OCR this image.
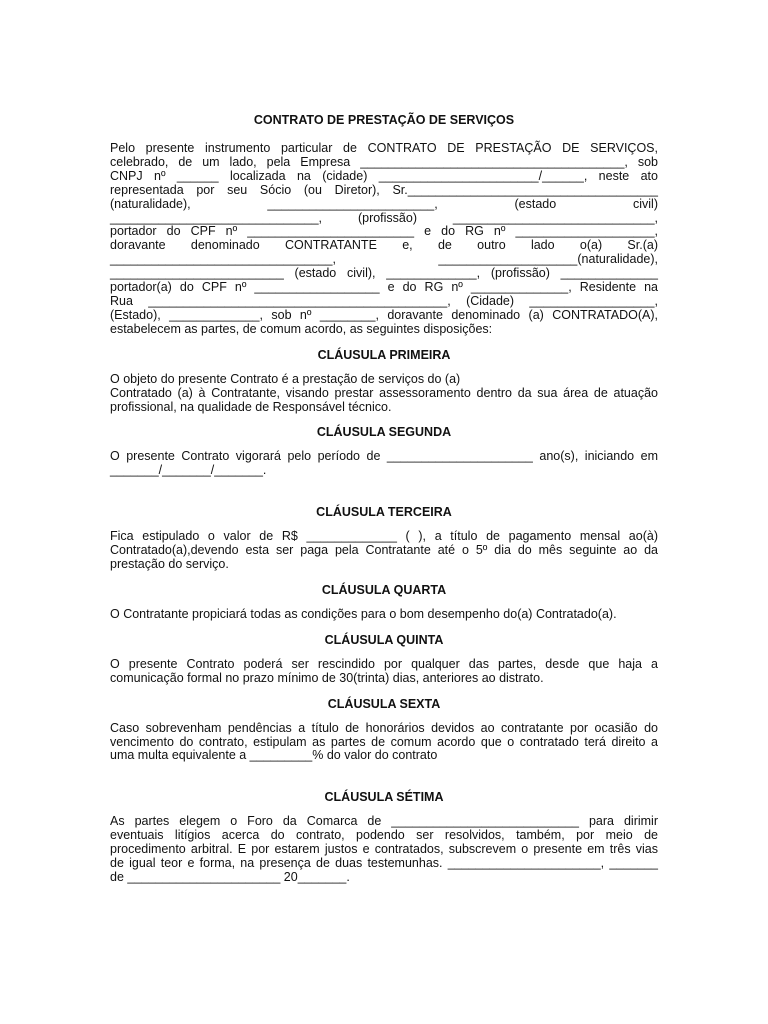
CONTRATO DE PRESTAÇÃO DE SERVIÇOS
Pelo presente instrumento particular de CONTRATO DE PRESTAÇÃO DE SERVIÇOS,
celebrado, de um lado, pela Empresa ______________________________________, sob
CNPJ nº ______ localizada na (cidade) _______________________/______, neste ato
representada por seu Sócio (ou Diretor), Sr.____________________________________
(naturalidade), ________________________, (estado civil)
______________________________, (profissão) _____________________________,
portador do CPF nº ________________________ e do RG nº ____________________,
doravante denominado CONTRATANTE e, de outro lado o(a) Sr.(a)
________________________________, ____________________(naturalidade),
_________________________ (estado civil), _____________, (profissão) ______________
portador(a) do CPF nº __________________ e do RG nº ______________, Residente na
Rua ___________________________________________, (Cidade) __________________,
(Estado), _____________, sob nº ________, doravante denominado (a) CONTRATADO(A),
estabelecem as partes, de comum acordo, as seguintes disposições:
CLÁUSULA PRIMEIRA
O objeto do presente Contrato é a prestação de serviços do (a)
Contratado (a) à Contratante, visando prestar assessoramento dentro da sua área de atuação
profissional, na qualidade de Responsável técnico.
CLÁUSULA SEGUNDA
O presente Contrato vigorará pelo período de _____________________ ano(s), iniciando em
_______/_______/_______.
CLÁUSULA TERCEIRA
Fica estipulado o valor de R$ _____________ ( ), a título de pagamento mensal ao(à)
Contratado(a),devendo esta ser paga pela Contratante até o 5º dia do mês seguinte ao da
prestação do serviço.
CLÁUSULA QUARTA
O Contratante propiciará todas as condições para o bom desempenho do(a) Contratado(a).
CLÁUSULA QUINTA
O presente Contrato poderá ser rescindido por qualquer das partes, desde que haja a
comunicação formal no prazo mínimo de 30(trinta) dias, anteriores ao distrato.
CLÁUSULA SEXTA
Caso sobrevenham pendências a título de honorários devidos ao contratante por ocasião do
vencimento do contrato, estipulam as partes de comum acordo que o contratado terá direito a
uma multa equivalente a _________% do valor do contrato
CLÁUSULA SÉTIMA
As partes elegem o Foro da Comarca de ___________________________ para dirimir
eventuais litígios acerca do contrato, podendo ser resolvidos, também, por meio de
procedimento arbitral. E por estarem justos e contratados, subscrevem o presente em três vias
de igual teor e forma, na presença de duas testemunhas. ______________________, _______
de ______________________ 20_______.
